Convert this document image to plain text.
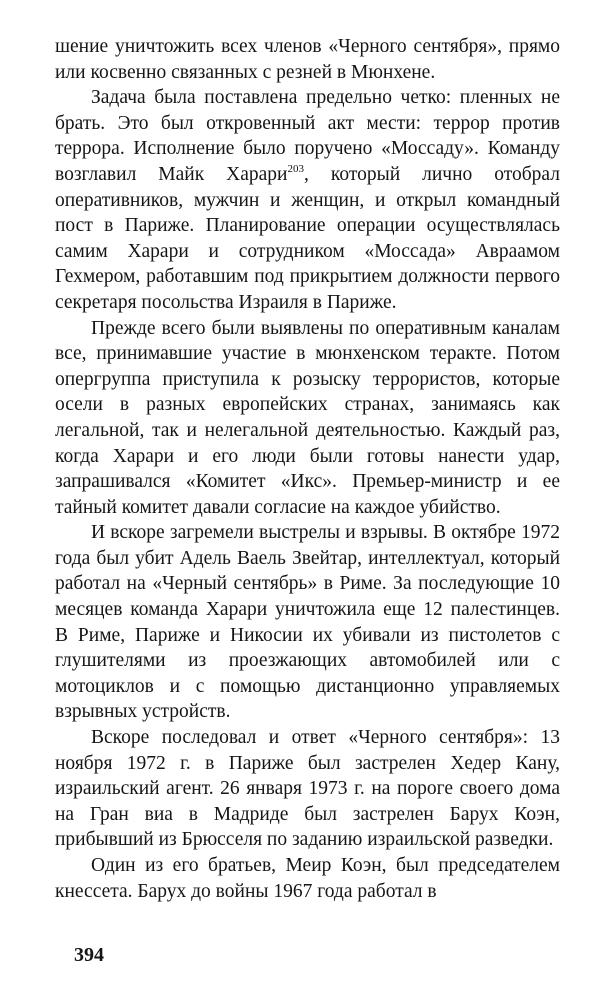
шение уничтожить всех членов «Черного сентября», прямо или косвенно связанных с резней в Мюнхене.

Задача была поставлена предельно четко: пленных не брать. Это был откровенный акт мести: террор против террора. Исполнение было поручено «Моссаду». Команду возглавил Майк Харари$^{203}$, который лично отобрал оперативников, мужчин и женщин, и открыл командный пост в Париже. Планирование операции осуществлялась самим Харари и сотрудником «Моссада» Авраамом Гехмером, работавшим под прикрытием должности первого секретаря посольства Израиля в Париже.

Прежде всего были выявлены по оперативным каналам все, принимавшие участие в мюнхенском теракте. Потом опергруппа приступила к розыску террористов, которые осели в разных европейских странах, занимаясь как легальной, так и нелегальной деятельностью. Каждый раз, когда Харари и его люди были готовы нанести удар, запрашивался «Комитет «Икс». Премьер-министр и ее тайный комитет давали согласие на каждое убийство.

И вскоре загремели выстрелы и взрывы. В октябре 1972 года был убит Адель Ваель Звейтар, интеллектуал, который работал на «Черный сентябрь» в Риме. За последующие 10 месяцев команда Харари уничтожила еще 12 палестинцев. В Риме, Париже и Никосии их убивали из пистолетов с глушителями из проезжающих автомобилей или с мотоциклов и с помощью дистанционно управляемых взрывных устройств.

Вскоре последовал и ответ «Черного сентября»: 13 ноября 1972 г. в Париже был застрелен Хедер Кану, израильский агент. 26 января 1973 г. на пороге своего дома на Гран виа в Мадриде был застрелен Барух Коэн, прибывший из Брюсселя по заданию израильской разведки.

Один из его братьев, Меир Коэн, был председателем кнессета. Барух до войны 1967 года работал в

394
